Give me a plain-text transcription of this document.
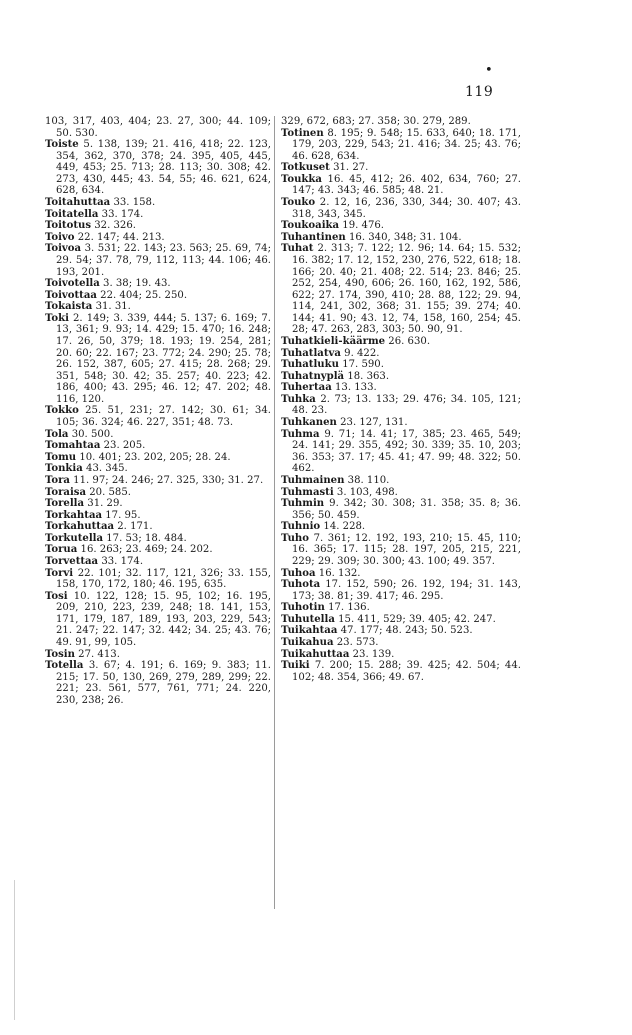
•
119

103, 317, 403, 404; 23. 27, 300; 44. 109; 50. 530.

Toiste 5. 138, 139; 21. 416, 418; 22. 123, 354, 362, 370, 378; 24. 395, 405, 445, 449, 453; 25. 713; 28. 113; 30. 308; 42. 273, 430, 445; 43. 54, 55; 46. 621, 624, 628, 634.

Toitahuttaa 33. 158.

Toitatella 33. 174.

Toitotus 32. 326.

Toivo 22. 147; 44. 213.

Toivoa 3. 531; 22. 143; 23. 563; 25. 69, 74; 29. 54; 37. 78, 79, 112, 113; 44. 106; 46. 193, 201.

Toivotella 3. 38; 19. 43.

Toivottaa 22. 404; 25. 250.

Tokaista 31. 31.

Toki 2. 149; 3. 339, 444; 5. 137; 6. 169; 7. 13, 361; 9. 93; 14. 429; 15. 470; 16. 248; 17. 26, 50, 379; 18. 193; 19. 254, 281; 20. 60; 22. 167; 23. 772; 24. 290; 25. 78; 26. 152, 387, 605; 27. 415; 28. 268; 29. 351, 548; 30. 42; 35. 257; 40. 223; 42. 186, 400; 43. 295; 46. 12; 47. 202; 48. 116, 120.

Tokko 25. 51, 231; 27. 142; 30. 61; 34. 105; 36. 324; 46. 227, 351; 48. 73.

Tola 30. 500.

Tomahtaa 23. 205.

Tomu 10. 401; 23. 202, 205; 28. 24.

Tonkia 43. 345.

Tora 11. 97; 24. 246; 27. 325, 330; 31. 27.

Toraisa 20. 585.

Torella 31. 29.

Torkahtaa 17. 95.

Torkahuttaa 2. 171.

Torkutella 17. 53; 18. 484.

Torua 16. 263; 23. 469; 24. 202.

Torvettaa 33. 174.

Torvi 22. 101; 32. 117, 121, 326; 33. 155, 158, 170, 172, 180; 46. 195, 635.

Tosi 10. 122, 128; 15. 95, 102; 16. 195, 209, 210, 223, 239, 248; 18. 141, 153, 171, 179, 187, 189, 193, 203, 229, 543; 21. 247; 22. 147; 32. 442; 34. 25; 43. 76; 49. 91, 99, 105.

Tosin 27. 413.

Totella 3. 67; 4. 191; 6. 169; 9. 383; 11. 215; 17. 50, 130, 269, 279, 289, 299; 22. 221; 23. 561, 577, 761, 771; 24. 220, 230, 238; 26.

329, 672, 683; 27. 358; 30. 279, 289.

Totinen 8. 195; 9. 548; 15. 633, 640; 18. 171, 179, 203, 229, 543; 21. 416; 34. 25; 43. 76; 46. 628, 634.

Totkuset 31. 27.

Toukka 16. 45, 412; 26. 402, 634, 760; 27. 147; 43. 343; 46. 585; 48. 21.

Touko 2. 12, 16, 236, 330, 344; 30. 407; 43. 318, 343, 345.

Toukoaika 19. 476.

Tuhantinen 16. 340, 348; 31. 104.

Tuhat 2. 313; 7. 122; 12. 96; 14. 64; 15. 532; 16. 382; 17. 12, 152, 230, 276, 522, 618; 18. 166; 20. 40; 21. 408; 22. 514; 23. 846; 25. 252, 254, 490, 606; 26. 160, 162, 192, 586, 622; 27. 174, 390, 410; 28. 88, 122; 29. 94, 114, 241, 302, 368; 31. 155; 39. 274; 40. 144; 41. 90; 43. 12, 74, 158, 160, 254; 45. 28; 47. 263, 283, 303; 50. 90, 91.

Tuhatkieli-käärme 26. 630.

Tuhatlatva 9. 422.

Tuhatluku 17. 590.

Tuhatnyplä 18. 363.

Tuhertaa 13. 133.

Tuhka 2. 73; 13. 133; 29. 476; 34. 105, 121; 48. 23.

Tuhkanen 23. 127, 131.

Tuhma 9. 71; 14. 41; 17, 385; 23. 465, 549; 24. 141; 29. 355, 492; 30. 339; 35. 10, 203; 36. 353; 37. 17; 45. 41; 47. 99; 48. 322; 50. 462.

Tuhmainen 38. 110.

Tuhmasti 3. 103, 498.

Tuhmin 9. 342; 30. 308; 31. 358; 35. 8; 36. 356; 50. 459.

Tuhnio 14. 228.

Tuho 7. 361; 12. 192, 193, 210; 15. 45, 110; 16. 365; 17. 115; 28. 197, 205, 215, 221, 229; 29. 309; 30. 300; 43. 100; 49. 357.

Tuhoa 16. 132.

Tuhota 17. 152, 590; 26. 192, 194; 31. 143, 173; 38. 81; 39. 417; 46. 295.

Tuhotin 17. 136.

Tuhutella 15. 411, 529; 39. 405; 42. 247.

Tuikahtaa 47. 177; 48. 243; 50. 523.

Tuikahua 23. 573.

Tuikahuttaa 23. 139.

Tuiki 7. 200; 15. 288; 39. 425; 42. 504; 44. 102; 48. 354, 366; 49. 67.
